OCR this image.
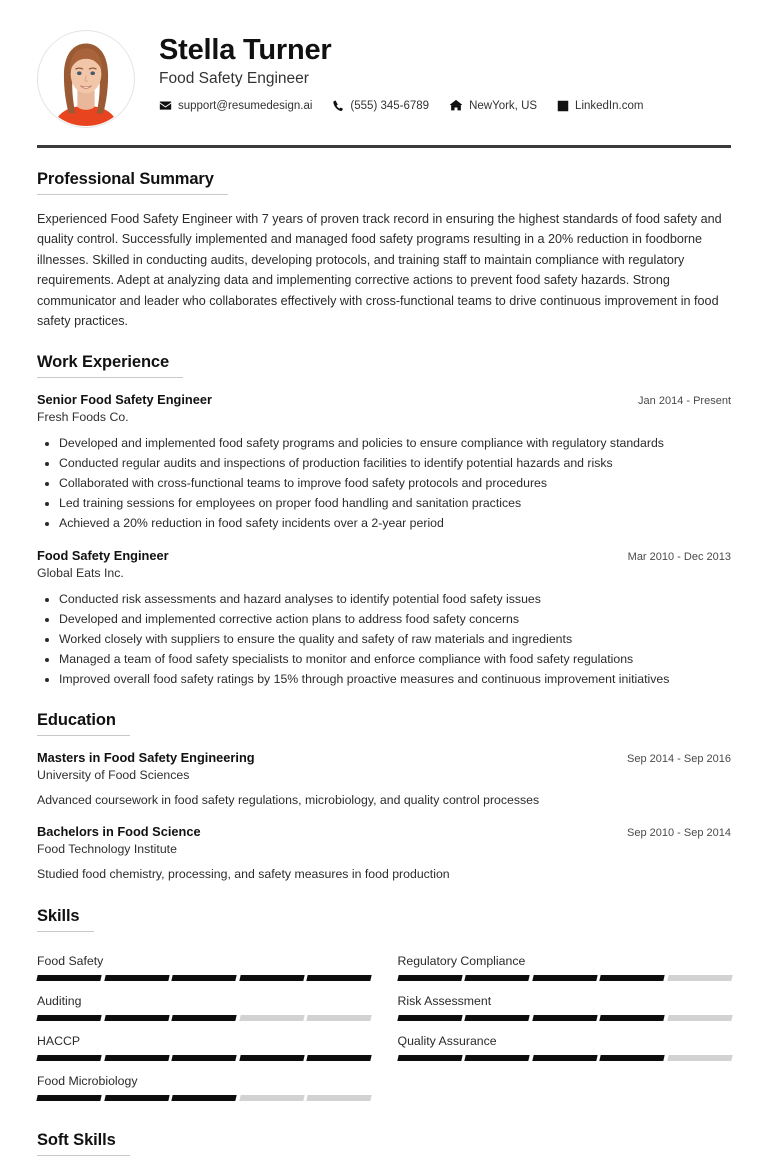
Stella Turner
Food Safety Engineer
support@resumedesign.ai	(555) 345-6789	NewYork, US	LinkedIn.com
Professional Summary

Experienced Food Safety Engineer with 7 years of proven track record in ensuring the highest standards of food safety and quality control. Successfully implemented and managed food safety programs resulting in a 20% reduction in foodborne illnesses. Skilled in conducting audits, developing protocols, and training staff to maintain compliance with regulatory requirements. Adept at analyzing data and implementing corrective actions to prevent food safety hazards. Strong communicator and leader who collaborates effectively with cross-functional teams to drive continuous improvement in food safety practices.

Work Experience
Senior Food Safety Engineer	Jan 2014 - Present
Fresh Foods Co.
• Developed and implemented food safety programs and policies to ensure compliance with regulatory standards
• Conducted regular audits and inspections of production facilities to identify potential hazards and risks
• Collaborated with cross-functional teams to improve food safety protocols and procedures
• Led training sessions for employees on proper food handling and sanitation practices
• Achieved a 20% reduction in food safety incidents over a 2-year period
Food Safety Engineer	Mar 2010 - Dec 2013
Global Eats Inc.
• Conducted risk assessments and hazard analyses to identify potential food safety issues
• Developed and implemented corrective action plans to address food safety concerns
• Worked closely with suppliers to ensure the quality and safety of raw materials and ingredients
• Managed a team of food safety specialists to monitor and enforce compliance with food safety regulations
• Improved overall food safety ratings by 15% through proactive measures and continuous improvement initiatives
Education
Masters in Food Safety Engineering	Sep 2014 - Sep 2016
University of Food Sciences
Advanced coursework in food safety regulations, microbiology, and quality control processes
Bachelors in Food Science	Sep 2010 - Sep 2014
Food Technology Institute
Studied food chemistry, processing, and safety measures in food production
Skills
Food Safety	Regulatory Compliance
Auditing	Risk Assessment
HACCP	Quality Assurance
Food Microbiology
Soft Skills
